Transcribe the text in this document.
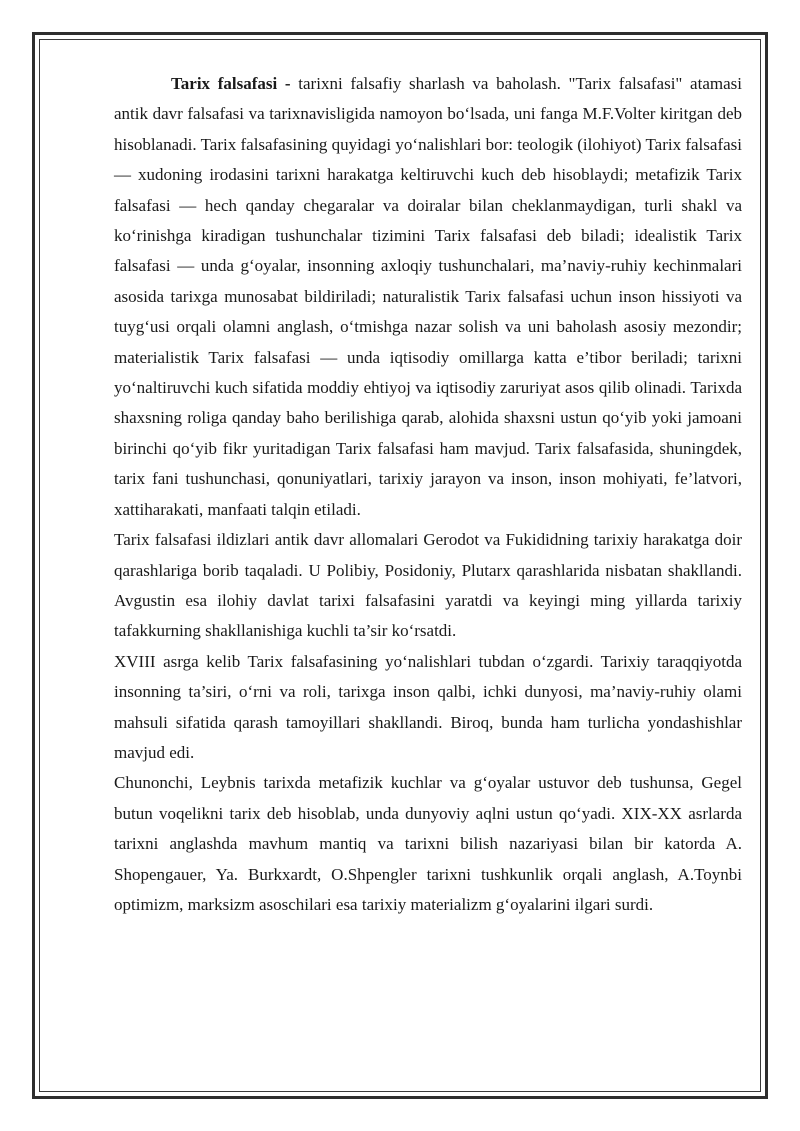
Tarix falsafasi - tarixni falsafiy sharlash va baholash. "Tarix falsafasi" atamasi antik davr falsafasi va tarixnavisligida namoyon bo‘lsada, uni fanga M.F.Volter kiritgan deb hisoblanadi. Tarix falsafasining quyidagi yo‘nalishlari bor: teologik (ilohiyot) Tarix falsafasi — xudoning irodasini tarixni harakatga keltiruvchi kuch deb hisoblaydi; metafizik Tarix falsafasi — hech qanday chegaralar va doiralar bilan cheklanmaydigan, turli shakl va ko‘rinishga kiradigan tushunchalar tizimini Tarix falsafasi deb biladi; idealistik Tarix falsafasi — unda g‘oyalar, insonning axloqiy tushunchalari, ma’naviy-ruhiy kechinmalari asosida tarixga munosabat bildiriladi; naturalistik Tarix falsafasi uchun inson hissiyoti va tuyg‘usi orqali olamni anglash, o‘tmishga nazar solish va uni baholash asosiy mezondir; materialistik Tarix falsafasi — unda iqtisodiy omillarga katta e’tibor beriladi; tarixni yo‘naltiruvchi kuch sifatida moddiy ehtiyoj va iqtisodiy zaruriyat asos qilib olinadi. Tarixda shaxsning roliga qanday baho berilishiga qarab, alohida shaxsni ustun qo‘yib yoki jamoani birinchi qo‘yib fikr yuritadigan Tarix falsafasi ham mavjud. Tarix falsafasida, shuningdek, tarix fani tushunchasi, qonuniyatlari, tarixiy jarayon va inson, inson mohiyati, fe’latvori, xattiharakati, manfaati talqin etiladi.

Tarix falsafasi ildizlari antik davr allomalari Gerodot va Fukididning tarixiy harakatga doir qarashlariga borib taqaladi. U Polibiy, Posidoniy, Plutarx qarashlarida nisbatan shakllandi. Avgustin esa ilohiy davlat tarixi falsafasini yaratdi va keyingi ming yillarda tarixiy tafakkurning shakllanishiga kuchli ta’sir ko‘rsatdi.

XVIII asrga kelib Tarix falsafasining yo‘nalishlari tubdan o‘zgardi. Tarixiy taraqqiyotda insonning ta’siri, o‘rni va roli, tarixga inson qalbi, ichki dunyosi, ma’naviy-ruhiy olami mahsuli sifatida qarash tamoyillari shakllandi. Biroq, bunda ham turlicha yondashishlar mavjud edi.

Chunonchi, Leybnis tarixda metafizik kuchlar va g‘oyalar ustuvor deb tushunsa, Gegel butun voqelikni tarix deb hisoblab, unda dunyoviy aqlni ustun qo‘yadi. XIX-XX asrlarda tarixni anglashda mavhum mantiq va tarixni bilish nazariyasi bilan bir katorda A. Shopengauer, Ya. Burkxardt, O.Shpengler tarixni tushkunlik orqali anglash, A.Toynbi optimizm, marksizm asoschilari esa tarixiy materializm g‘oyalarini ilgari surdi.
